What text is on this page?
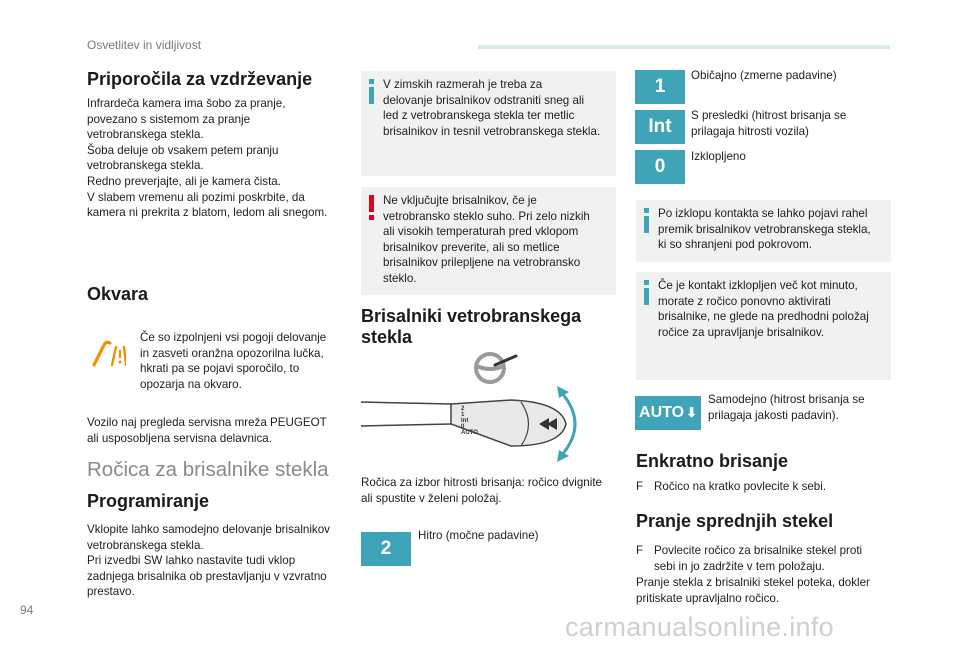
Osvetlitev in vidljivost
Priporočila za vzdrževanje
Infrardeča kamera ima šobo za pranje,
povezano s sistemom za pranje
vetrobranskega stekla.
Šoba deluje ob vsakem petem pranju
vetrobranskega stekla.
Redno preverjajte, ali je kamera čista.
V slabem vremenu ali pozimi poskrbite, da
kamera ni prekrita z blatom, ledom ali snegom.
Okvara
Če so izpolnjeni vsi pogoji delovanje
in zasveti oranžna opozorilna lučka,
hkrati pa se pojavi sporočilo, to
opozarja na okvaro.
Vozilo naj pregleda servisna mreža PEUGEOT
ali usposobljena servisna delavnica.
Ročica za brisalnike stekla
Programiranje
Vklopite lahko samodejno delovanje brisalnikov
vetrobranskega stekla.
Pri izvedbi SW lahko nastavite tudi vklop
zadnjega brisalnika ob prestavljanju v vzvratno
prestavo.
V zimskih razmerah je treba za
delovanje brisalnikov odstraniti sneg ali
led z vetrobranskega stekla ter metlic
brisalnikov in tesnil vetrobranskega stekla.
Ne vključujte brisalnikov, če je
vetrobransko steklo suho. Pri zelo nizkih
ali visokih temperaturah pred vklopom
brisalnikov preverite, ali so metlice
brisalnikov prilepljene na vetrobransko
steklo.
Brisalniki vetrobranskega
stekla
2
1
Int
0
AUTO
Ročica za izbor hitrosti brisanja: ročico dvignite
ali spustite v želeni položaj.
2
Hitro (močne padavine)
1
Običajno (zmerne padavine)
Int
S presledki (hitrost brisanja se
prilagaja hitrosti vozila)
0	Izklopljeno
Po izklopu kontakta se lahko pojavi rahel
premik brisalnikov vetrobranskega stekla,
ki so shranjeni pod pokrovom.
Če je kontakt izklopljen več kot minuto,
morate z ročico ponovno aktivirati
brisalnike, ne glede na predhodni položaj
ročice za upravljanje brisalnikov.
AUTO ⬇
Samodejno (hitrost brisanja se
prilagaja jakosti padavin).
Enkratno brisanje
F Ročico na kratko povlecite k sebi.
Pranje sprednjih stekel
F Povlecite ročico za brisalnike stekel proti
sebi in jo zadržite v tem položaju.
Pranje stekla z brisalniki stekel poteka, dokler
pritiskate upravljalno ročico.
94
carmanualsonline.info
